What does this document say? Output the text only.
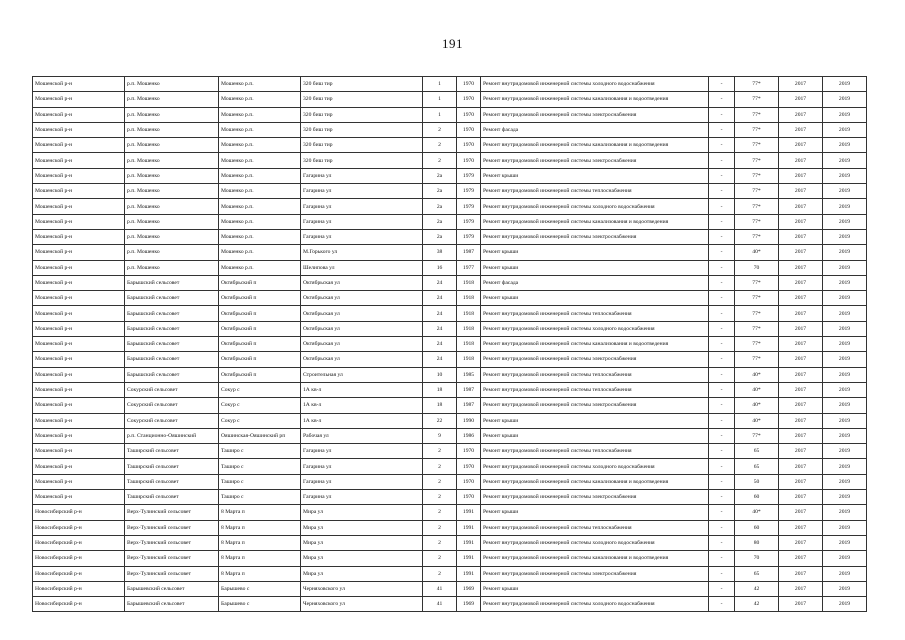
191
Мошенской р-н	р.п. Мошенко	Мошенко р.п.	320 биш тир	1	1970	Ремонт внутридомовой инженерной системы холодного водоснабжения	-	77*	2017	2019
Мошенской р-н	р.п. Мошенко	Мошенко р.п.	320 биш тир	1	1970	Ремонт внутридомовой инженерной системы канализования и водоотведения	-	77*	2017	2019
Мошенской р-н	р.п. Мошенко	Мошенко р.п.	320 биш тир	1	1970	Ремонт внутридомовой инженерной системы электроснабжения	-	77*	2017	2019
Мошенской р-н	р.п. Мошенко	Мошенко р.п.	320 биш тир	2	1970	Ремонт фасада	-	77*	2017	2019
Мошенской р-н	р.п. Мошенко	Мошенко р.п.	320 биш тир	2	1970	Ремонт внутридомовой инженерной системы канализования и водоотведения	-	77*	2017	2019
Мошенской р-н	р.п. Мошенко	Мошенко р.п.	320 биш тир	2	1970	Ремонт внутридомовой инженерной системы электроснабжения	-	77*	2017	2019
Мошенской р-н	р.п. Мошенко	Мошенко р.п.	Гагарина ул	2а	1979	Ремонт крыши	-	77*	2017	2019
Мошенской р-н	р.п. Мошенко	Мошенко р.п.	Гагарина ул	2а	1979	Ремонт внутридомовой инженерной системы теплоснабжения	-	77*	2017	2019
Мошенской р-н	р.п. Мошенко	Мошенко р.п.	Гагарина ул	2а	1979	Ремонт внутридомовой инженерной системы холодного водоснабжения	-	77*	2017	2019
Мошенской р-н	р.п. Мошенко	Мошенко р.п.	Гагарина ул	2а	1979	Ремонт внутридомовой инженерной системы канализования и водоотведения	-	77*	2017	2019
Мошенской р-н	р.п. Мошенко	Мошенко р.п.	Гагарина ул	2а	1979	Ремонт внутридомовой инженерной системы электроснабжения	-	77*	2017	2019
Мошенской р-н	р.п. Мошенко	Мошенко р.п.	М.Горького ул	38	1987	Ремонт крыши	-	40*	2017	2019
Мошенской р-н	р.п. Мошенко	Мошенко р.п.	Шелипова ул	16	1977	Ремонт крыши	-	70	2017	2019
Мошенской р-н	Барышский сельсовет	Октябрьский п	Октябрьская ул	24	1918	Ремонт фасада	-	77*	2017	2019
Мошенской р-н	Барышский сельсовет	Октябрьский п	Октябрьская ул	24	1918	Ремонт крыши	-	77*	2017	2019
Мошенской р-н	Барышский сельсовет	Октябрьский п	Октябрьская ул	24	1918	Ремонт внутридомовой инженерной системы теплоснабжения	-	77*	2017	2019
Мошенской р-н	Барышский сельсовет	Октябрьский п	Октябрьская ул	24	1918	Ремонт внутридомовой инженерной системы холодного водоснабжения	-	77*	2017	2019
Мошенской р-н	Барышский сельсовет	Октябрьский п	Октябрьская ул	24	1918	Ремонт внутридомовой инженерной системы канализования и водоотведения	-	77*	2017	2019
Мошенской р-н	Барышский сельсовет	Октябрьский п	Октябрьская ул	24	1918	Ремонт внутридомовой инженерной системы электроснабжения	-	77*	2017	2019
Мошенской р-н	Барышский сельсовет	Октябрьский п	Строительная ул	10	1985	Ремонт внутридомовой инженерной системы теплоснабжения	-	40*	2017	2019
Мошенской р-н	Сокурский сельсовет	Сокур с	1А кв-л	18	1987	Ремонт внутридомовой инженерной системы теплоснабжения	-	40*	2017	2019
Мошенской р-н	Сокурский сельсовет	Сокур с	1А кв-л	18	1987	Ремонт внутридомовой инженерной системы электроснабжения	-	40*	2017	2019
Мошенской р-н	Сокурский сельсовет	Сокур с	1А кв-л	22	1990	Ремонт крыши	-	40*	2017	2019
Мошенской р-н	р.п. Станционно-Ояшинский	Ояшинская-Ояшинский рп	Рабочая ул	9	1986	Ремонт крыши	-	77*	2017	2019
Мошенской р-н	Таширский сельсовет	Таширо с	Гагарина ул	2	1970	Ремонт внутридомовой инженерной системы теплоснабжения	-	65	2017	2019
Мошенской р-н	Таширский сельсовет	Таширо с	Гагарина ул	2	1970	Ремонт внутридомовой инженерной системы холодного водоснабжения	-	65	2017	2019
Мошенской р-н	Таширский сельсовет	Таширо с	Гагарина ул	2	1970	Ремонт внутридомовой инженерной системы канализования и водоотведения	-	50	2017	2019
Мошенской р-н	Таширский сельсовет	Таширо с	Гагарина ул	2	1970	Ремонт внутридомовой инженерной системы электроснабжения	-	60	2017	2019
Новосибирский р-н	Верх-Тулинский сельсовет	8 Марта п	Мира ул	2	1991	Ремонт крыши	-	40*	2017	2019
Новосибирский р-н	Верх-Тулинский сельсовет	8 Марта п	Мира ул	2	1991	Ремонт внутридомовой инженерной системы теплоснабжения	-	60	2017	2019
Новосибирский р-н	Верх-Тулинский сельсовет	8 Марта п	Мира ул	2	1991	Ремонт внутридомовой инженерной системы холодного водоснабжения	-	80	2017	2019
Новосибирский р-н	Верх-Тулинский сельсовет	8 Марта п	Мира ул	2	1991	Ремонт внутридомовой инженерной системы канализования и водоотведения	-	70	2017	2019
Новосибирский р-н	Верх-Тулинский сельсовет	8 Марта п	Мира ул	2	1991	Ремонт внутридомовой инженерной системы электроснабжения	-	65	2017	2019
Новосибирский р-н	Барышевский сельсовет	Барышево с	Черняховского ул	41	1969	Ремонт крыши	-	42	2017	2019
Новосибирский р-н	Барышевский сельсовет	Барышево с	Черняховского ул	41	1969	Ремонт внутридомовой инженерной системы холодного водоснабжения	-	42	2017	2019
